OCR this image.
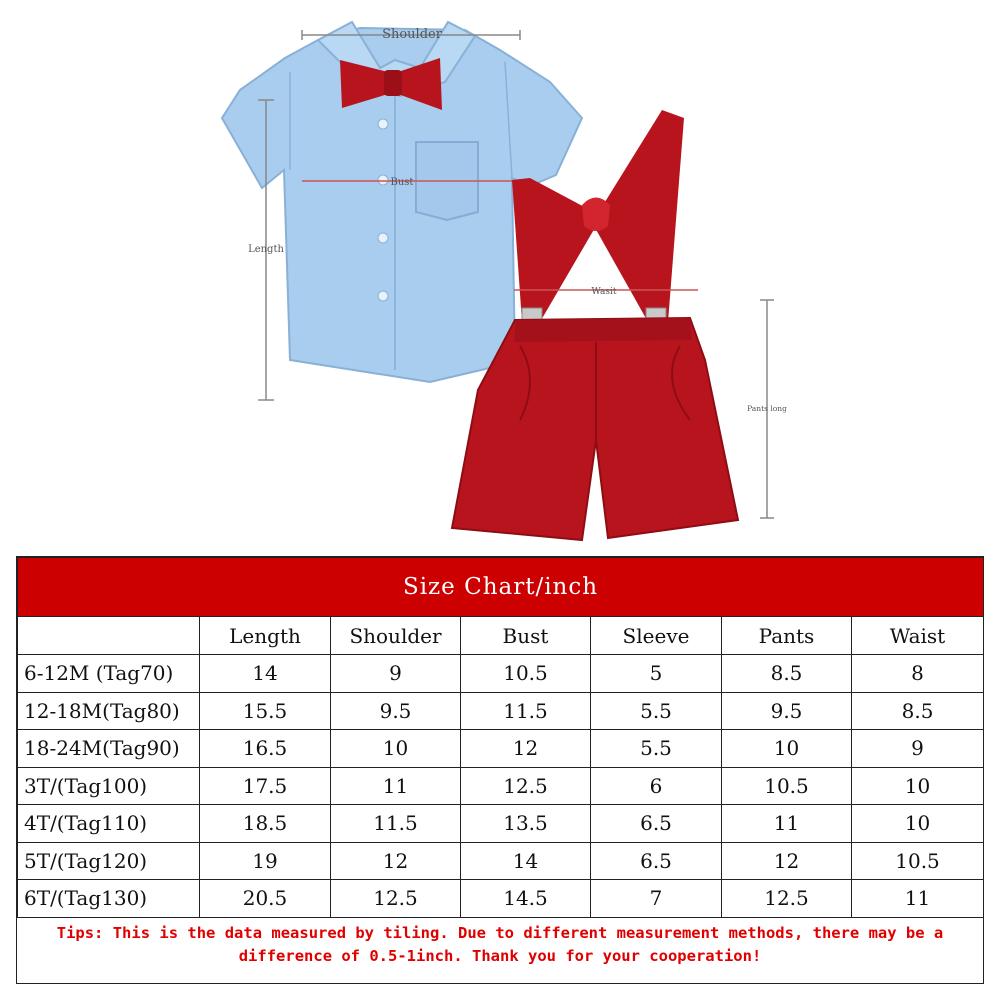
Shoulder
Bust
Length
Wasit
Pants long
Size Chart/inch						
	Length	Shoulder	Bust	Sleeve	Pants	Waist
6-12M (Tag70)	14	9	10.5	5	8.5	8
12-18M(Tag80)	15.5	9.5	11.5	5.5	9.5	8.5
18-24M(Tag90)	16.5	10	12	5.5	10	9
3T/(Tag100)	17.5	11	12.5	6	10.5	10
4T/(Tag110)	18.5	11.5	13.5	6.5	11	10
5T/(Tag120)	19	12	14	6.5	12	10.5
6T/(Tag130)	20.5	12.5	14.5	7	12.5	11
Tips: This is the data measured by tiling. Due to different measurement methods, there may be a difference of 0.5-1inch. Thank you for your cooperation!
